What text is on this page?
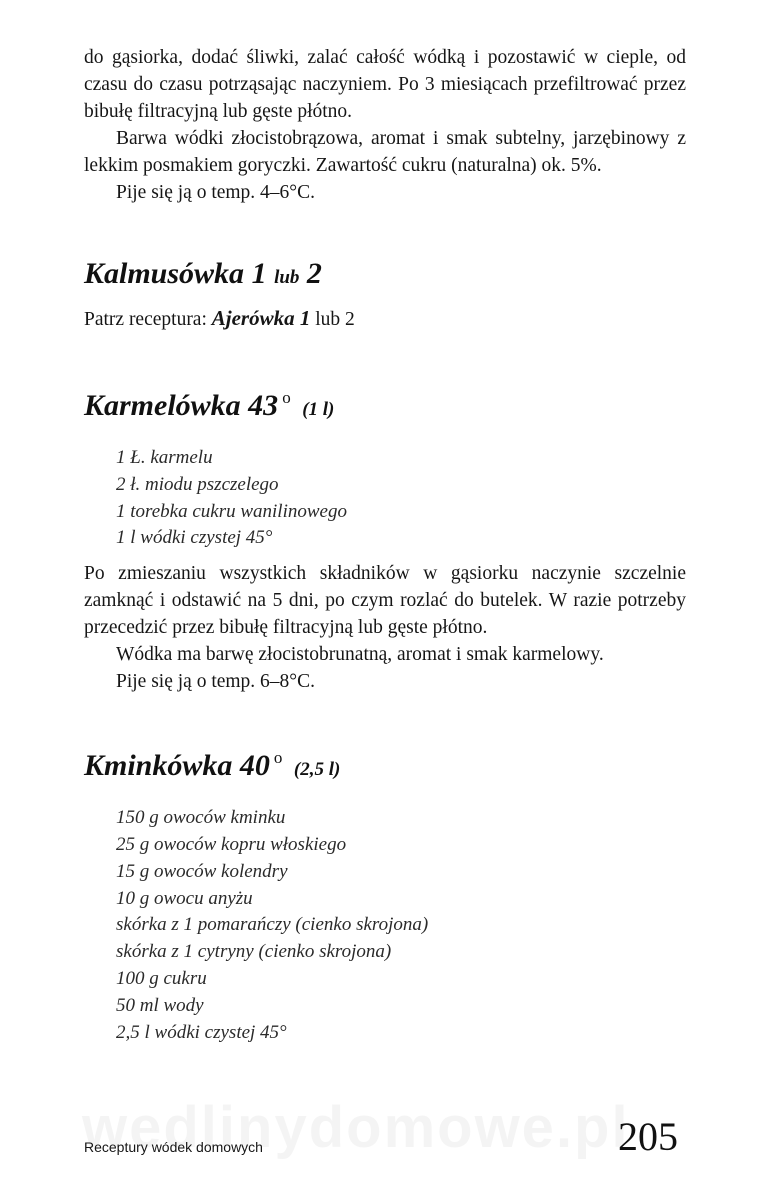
do gąsiorka, dodać śliwki, zalać całość wódką i pozostawić w cieple, od czasu do czasu potrząsając naczyniem. Po 3 miesiącach przefiltrować przez bibułę filtracyjną lub gęste płótno.

Barwa wódki złocistobrązowa, aromat i smak subtelny, jarzębinowy z lekkim posmakiem goryczki. Zawartość cukru (naturalna) ok. 5%.

Pije się ją o temp. 4–6°C.

Kalmusówka 1 lub 2

Patrz receptura: Ajerówka 1 lub 2

Karmelówka 43 $^o$ (1 l)
1 Ł. karmelu
2 ł. miodu pszczelego
1 torebka cukru wanilinowego
1 l wódki czystej 45°

Po zmieszaniu wszystkich składników w gąsiorku naczynie szczelnie zamknąć i odstawić na 5 dni, po czym rozlać do butelek. W razie potrzeby przecedzić przez bibułę filtracyjną lub gęste płótno.

Wódka ma barwę złocistobrunatną, aromat i smak karmelowy.

Pije się ją o temp. 6–8°C.

Kminkówka 40 $^o$ (2,5 l)
150 g owoców kminku
25 g owoców kopru włoskiego
15 g owoców kolendry
10 g owocu anyżu
skórka z 1 pomarańczy (cienko skrojona)
skórka z 1 cytryny (cienko skrojona)
100 g cukru
50 ml wody
2,5 l wódki czystej 45°
Receptury wódek domowych	205
